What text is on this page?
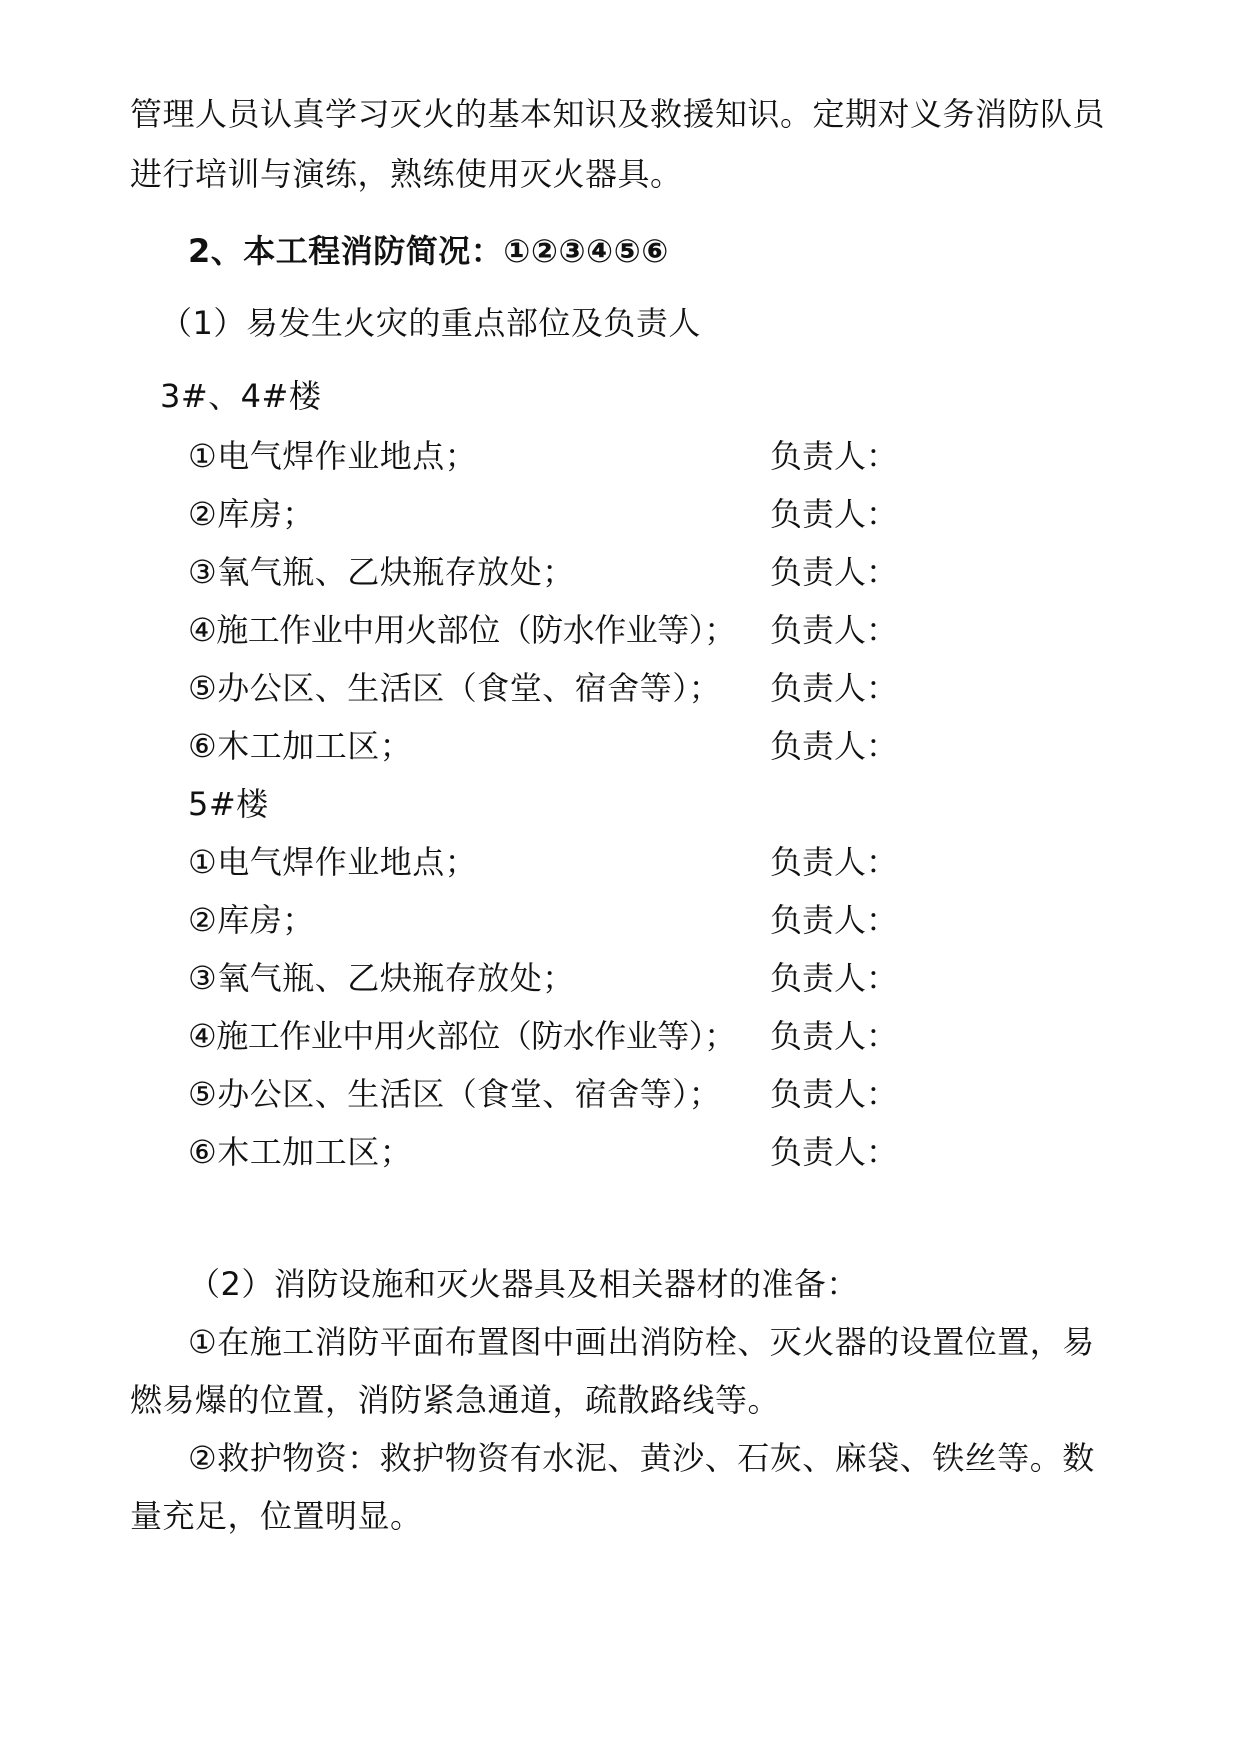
管理人员认真学习灭火的基本知识及救援知识。定期对义务消防队员
进行培训与演练，熟练使用灭火器具。
2、本工程消防简况：①②③④⑤⑥
（1）易发生火灾的重点部位及负责人
3#、4#楼
①电气焊作业地点；	负责人：
②库房；	负责人：
③氧气瓶、乙炔瓶存放处；	负责人：
④施工作业中用火部位（防水作业等）； 负责人：
⑤办公区、生活区（食堂、宿舍等）； 负责人：
⑥木工加工区；	负责人：
5#楼
①电气焊作业地点；	负责人：
②库房；	负责人：
③氧气瓶、乙炔瓶存放处；	负责人：
④施工作业中用火部位（防水作业等）； 负责人：
⑤办公区、生活区（食堂、宿舍等）； 负责人：
⑥木工加工区；	负责人：
（2）消防设施和灭火器具及相关器材的准备：
①在施工消防平面布置图中画出消防栓、灭火器的设置位置，易
燃易爆的位置，消防紧急通道，疏散路线等。
②救护物资：救护物资有水泥、黄沙、石灰、麻袋、铁丝等。数
量充足，位置明显。
